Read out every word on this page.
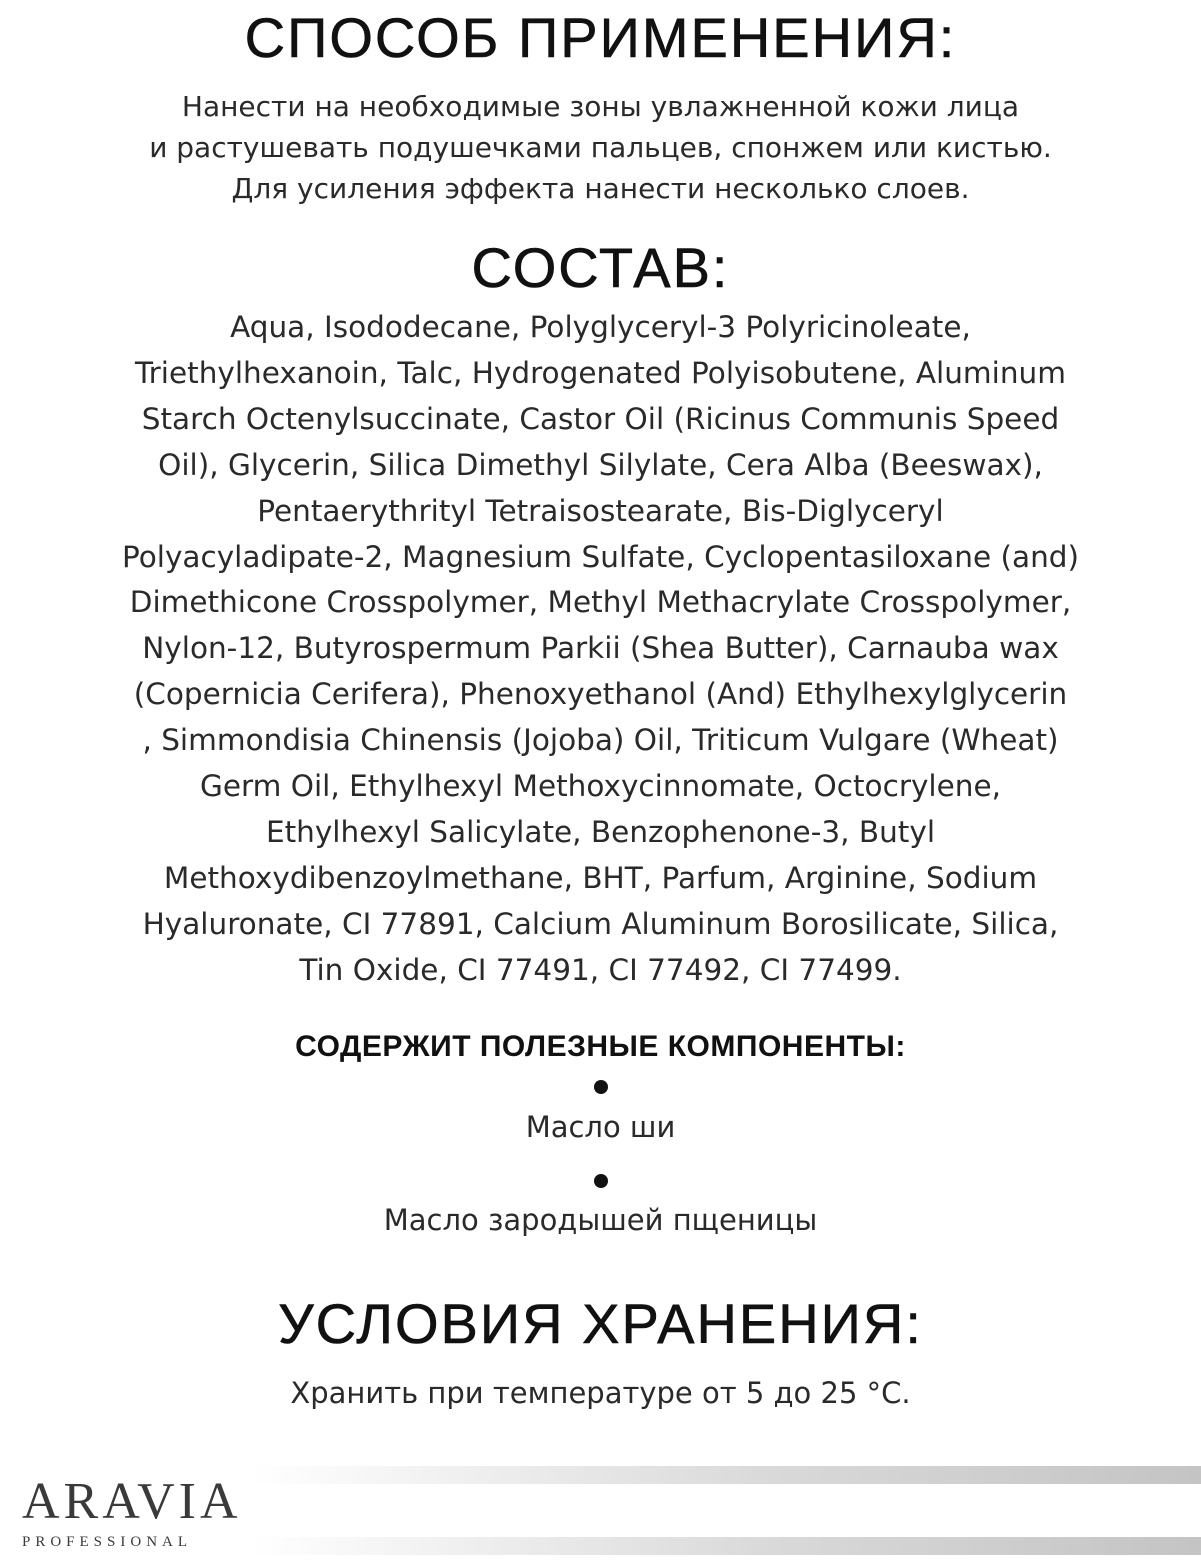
СПОСОБ ПРИМЕНЕНИЯ:
Нанести на необходимые зоны увлажненной кожи лица
и растушевать подушечками пальцев, спонжем или кистью.
Для усиления эффекта нанести несколько слоев.
СОСТАВ:
Aqua, Isododecane, Polyglyceryl-3 Polyricinoleate,
Triethylhexanoin, Talc, Hydrogenated Polyisobutene, Aluminum
Starch Octenylsuccinate, Castor Oil (Ricinus Communis Speed
Oil), Glycerin, Silica Dimethyl Silylate, Cera Alba (Beeswax),
Pentaerythrityl Tetraisostearate, Bis-Diglyceryl
Polyacyladipate-2, Magnesium Sulfate, Cyclopentasiloxane (and)
Dimethicone Crosspolymer, Methyl Methacrylate Crosspolymer,
Nylon-12, Butyrospermum Parkii (Shea Butter), Carnauba wax
(Copernicia Cerifera), Phenoxyethanol (And) Ethylhexylglycerin
, Simmondisia Chinensis (Jojoba) Oil, Triticum Vulgare (Wheat)
Germ Oil, Ethylhexyl Methoxycinnomate, Octocrylene,
Ethylhexyl Salicylate, Benzophenone-3, Butyl
Methoxydibenzoylmethane, BHT, Parfum, Arginine, Sodium
Hyaluronate, CI 77891, Calcium Aluminum Borosilicate, Silica,
Tin Oxide, CI 77491, CI 77492, CI 77499.
СОДЕРЖИТ ПОЛЕЗНЫЕ КОМПОНЕНТЫ:
Масло ши
Масло зародышей пщеницы
УСЛОВИЯ ХРАНЕНИЯ:
Хранить при температуре от 5 до 25 °С.
ARAVIA
PROFESSIONAL
